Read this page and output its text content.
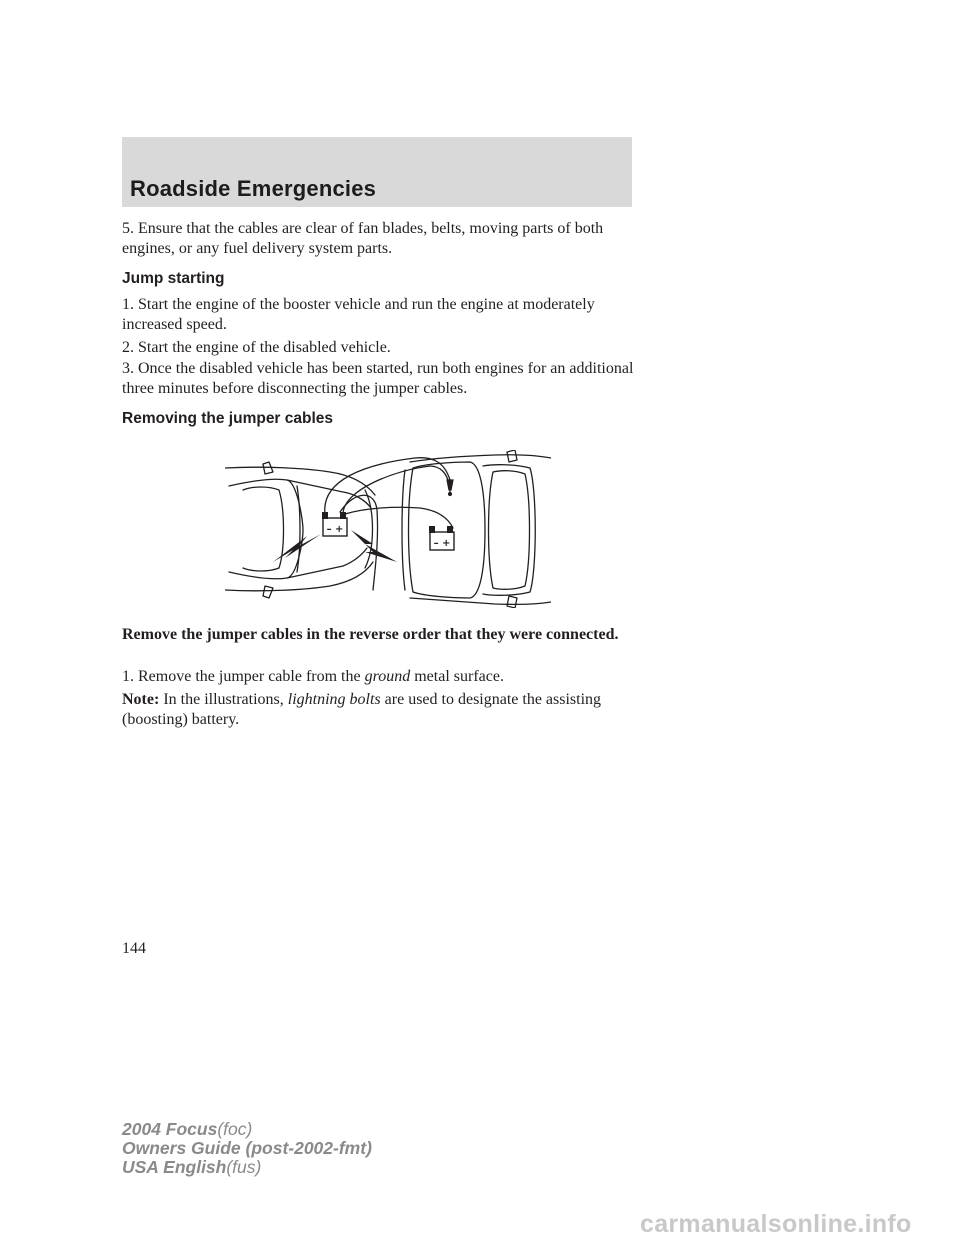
Roadside Emergencies
5. Ensure that the cables are clear of fan blades, belts, moving parts of both engines, or any fuel delivery system parts.
Jump starting
1. Start the engine of the booster vehicle and run the engine at moderately increased speed.
2. Start the engine of the disabled vehicle.
3. Once the disabled vehicle has been started, run both engines for an additional three minutes before disconnecting the jumper cables.
Removing the jumper cables
– +
– +
Remove the jumper cables in the reverse order that they were connected.
1. Remove the jumper cable from the ground metal surface.
Note: In the illustrations, lightning bolts are used to designate the assisting (boosting) battery.
144
2004 Focus(foc)
Owners Guide (post-2002-fmt)
USA English(fus)
carmanualsonline.info
